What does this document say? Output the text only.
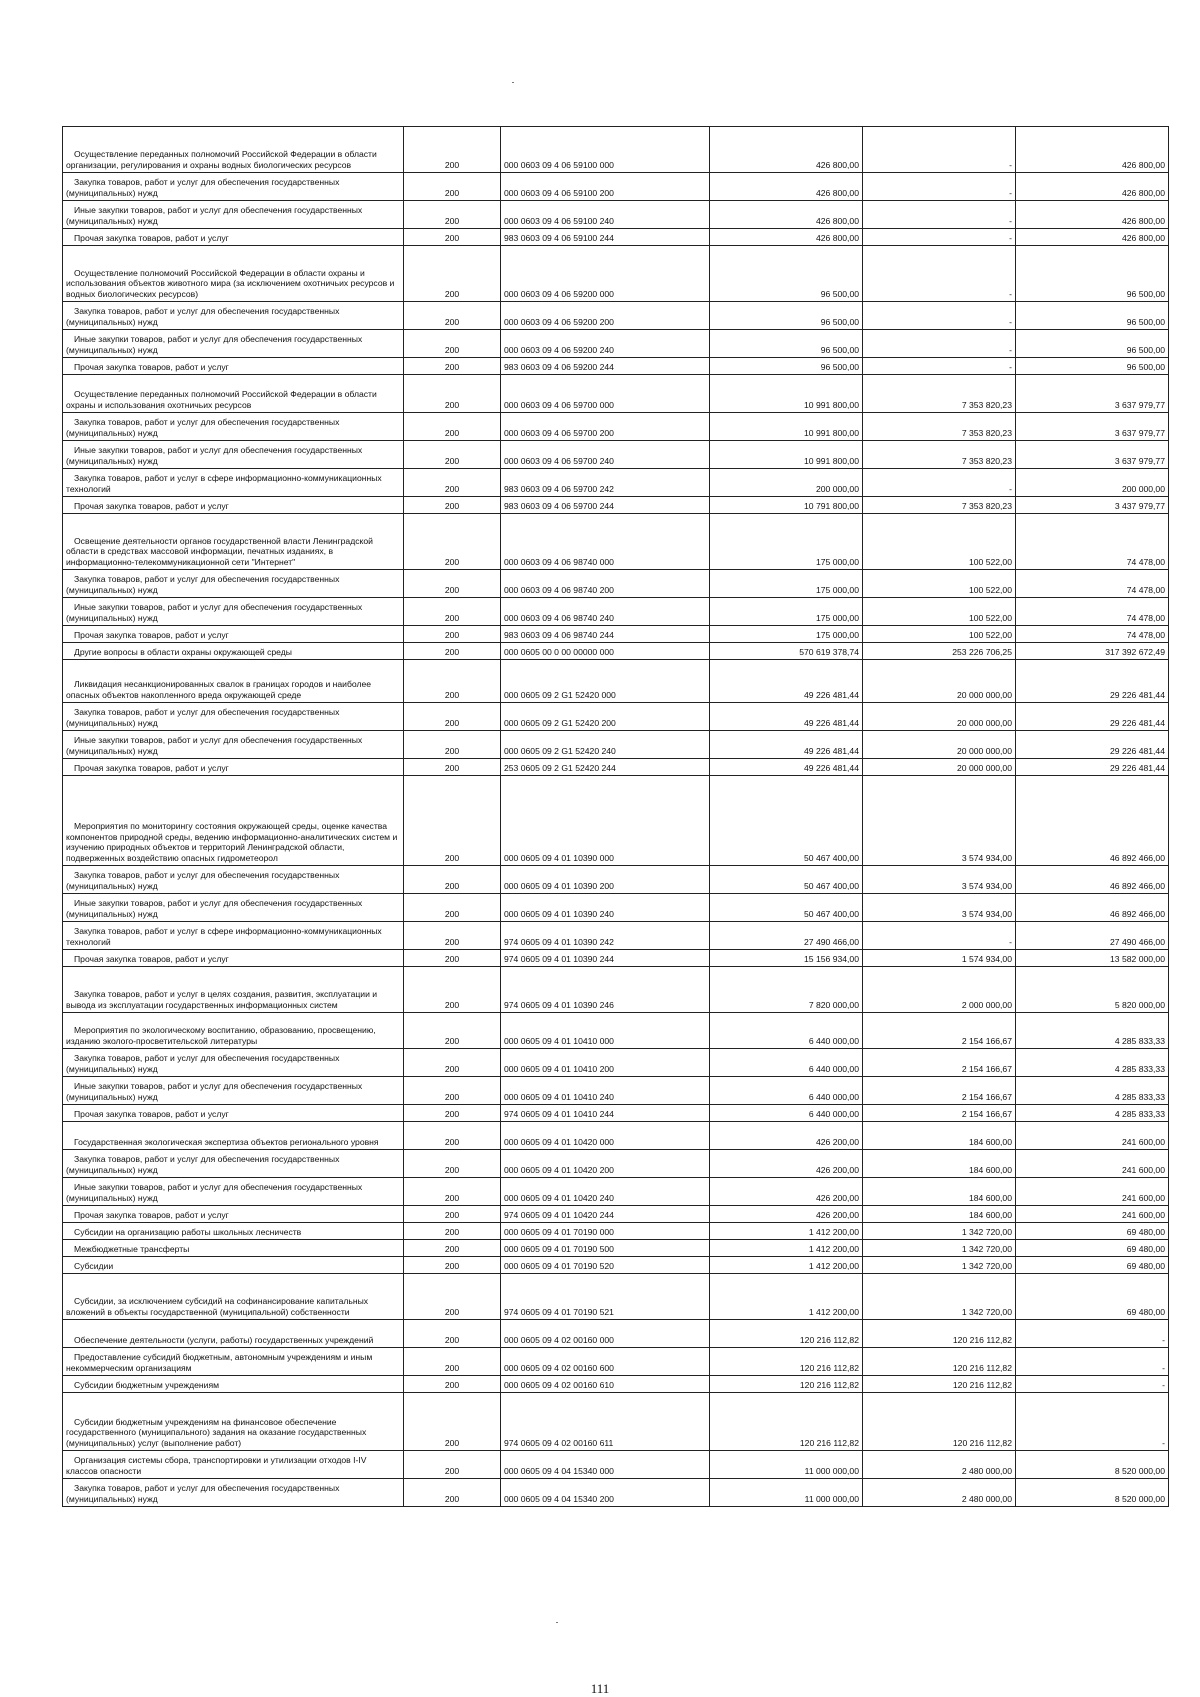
Осуществление переданных полномочий Российской Федерации в области организации, регулирования и охраны водных биологических ресурсов	200	000 0603 09 4 06 59100 000	426 800,00	-	426 800,00

Закупка товаров, работ и услуг для обеспечения государственных (муниципальных) нужд	200	000 0603 09 4 06 59100 200	426 800,00	-	426 800,00

Иные закупки товаров, работ и услуг для обеспечения государственных (муниципальных) нужд	200	000 0603 09 4 06 59100 240	426 800,00	-	426 800,00

Прочая закупка товаров, работ и услуг	200	983 0603 09 4 06 59100 244	426 800,00	-	426 800,00

Осуществление полномочий Российской Федерации в области охраны и использования объектов животного мира (за исключением охотничьих ресурсов и водных биологических ресурсов)	200	000 0603 09 4 06 59200 000	96 500,00	-	96 500,00

Закупка товаров, работ и услуг для обеспечения государственных (муниципальных) нужд	200	000 0603 09 4 06 59200 200	96 500,00	-	96 500,00

Иные закупки товаров, работ и услуг для обеспечения государственных (муниципальных) нужд	200	000 0603 09 4 06 59200 240	96 500,00	-	96 500,00

Прочая закупка товаров, работ и услуг	200	983 0603 09 4 06 59200 244	96 500,00	-	96 500,00

Осуществление переданных полномочий Российской Федерации в области охраны и использования охотничьих ресурсов	200	000 0603 09 4 06 59700 000	10 991 800,00	7 353 820,23	3 637 979,77

Закупка товаров, работ и услуг для обеспечения государственных (муниципальных) нужд	200	000 0603 09 4 06 59700 200	10 991 800,00	7 353 820,23	3 637 979,77

Иные закупки товаров, работ и услуг для обеспечения государственных (муниципальных) нужд	200	000 0603 09 4 06 59700 240	10 991 800,00	7 353 820,23	3 637 979,77

Закупка товаров, работ и услуг в сфере информационно-коммуникационных технологий	200	983 0603 09 4 06 59700 242	200 000,00	-	200 000,00

Прочая закупка товаров, работ и услуг	200	983 0603 09 4 06 59700 244	10 791 800,00	7 353 820,23	3 437 979,77

Освещение деятельности органов государственной власти Ленинградской области в средствах массовой информации, печатных изданиях, в информационно-телекоммуникационной сети "Интернет"	200	000 0603 09 4 06 98740 000	175 000,00	100 522,00	74 478,00

Закупка товаров, работ и услуг для обеспечения государственных (муниципальных) нужд	200	000 0603 09 4 06 98740 200	175 000,00	100 522,00	74 478,00

Иные закупки товаров, работ и услуг для обеспечения государственных (муниципальных) нужд	200	000 0603 09 4 06 98740 240	175 000,00	100 522,00	74 478,00

Прочая закупка товаров, работ и услуг	200	983 0603 09 4 06 98740 244	175 000,00	100 522,00	74 478,00

Другие вопросы в области охраны окружающей среды	200	000 0605 00 0 00 00000 000	570 619 378,74	253 226 706,25	317 392 672,49

Ликвидация несанкционированных свалок в границах городов и наиболее опасных объектов накопленного вреда окружающей среде	200	000 0605 09 2 G1 52420 000	49 226 481,44	20 000 000,00	29 226 481,44

Закупка товаров, работ и услуг для обеспечения государственных (муниципальных) нужд	200	000 0605 09 2 G1 52420 200	49 226 481,44	20 000 000,00	29 226 481,44

Иные закупки товаров, работ и услуг для обеспечения государственных (муниципальных) нужд	200	000 0605 09 2 G1 52420 240	49 226 481,44	20 000 000,00	29 226 481,44

Прочая закупка товаров, работ и услуг	200	253 0605 09 2 G1 52420 244	49 226 481,44	20 000 000,00	29 226 481,44

Мероприятия по мониторингу состояния окружающей среды, оценке качества компонентов природной среды, ведению информационно-аналитических систем и изучению природных объектов и территорий Ленинградской области, подверженных воздействию опасных гидрометеорол	200	000 0605 09 4 01 10390 000	50 467 400,00	3 574 934,00	46 892 466,00

Закупка товаров, работ и услуг для обеспечения государственных (муниципальных) нужд	200	000 0605 09 4 01 10390 200	50 467 400,00	3 574 934,00	46 892 466,00

Иные закупки товаров, работ и услуг для обеспечения государственных (муниципальных) нужд	200	000 0605 09 4 01 10390 240	50 467 400,00	3 574 934,00	46 892 466,00

Закупка товаров, работ и услуг в сфере информационно-коммуникационных технологий	200	974 0605 09 4 01 10390 242	27 490 466,00	-	27 490 466,00

Прочая закупка товаров, работ и услуг	200	974 0605 09 4 01 10390 244	15 156 934,00	1 574 934,00	13 582 000,00

Закупка товаров, работ и услуг в целях создания, развития, эксплуатации и вывода из эксплуатации государственных информационных систем	200	974 0605 09 4 01 10390 246	7 820 000,00	2 000 000,00	5 820 000,00

Мероприятия по экологическому воспитанию, образованию, просвещению, изданию эколого-просветительской литературы	200	000 0605 09 4 01 10410 000	6 440 000,00	2 154 166,67	4 285 833,33

Закупка товаров, работ и услуг для обеспечения государственных (муниципальных) нужд	200	000 0605 09 4 01 10410 200	6 440 000,00	2 154 166,67	4 285 833,33

Иные закупки товаров, работ и услуг для обеспечения государственных (муниципальных) нужд	200	000 0605 09 4 01 10410 240	6 440 000,00	2 154 166,67	4 285 833,33

Прочая закупка товаров, работ и услуг	200	974 0605 09 4 01 10410 244	6 440 000,00	2 154 166,67	4 285 833,33

Государственная экологическая экспертиза объектов регионального уровня	200	000 0605 09 4 01 10420 000	426 200,00	184 600,00	241 600,00

Закупка товаров, работ и услуг для обеспечения государственных (муниципальных) нужд	200	000 0605 09 4 01 10420 200	426 200,00	184 600,00	241 600,00

Иные закупки товаров, работ и услуг для обеспечения государственных (муниципальных) нужд	200	000 0605 09 4 01 10420 240	426 200,00	184 600,00	241 600,00

Прочая закупка товаров, работ и услуг	200	974 0605 09 4 01 10420 244	426 200,00	184 600,00	241 600,00

Субсидии на организацию работы школьных лесничеств	200	000 0605 09 4 01 70190 000	1 412 200,00	1 342 720,00	69 480,00

Межбюджетные трансферты	200	000 0605 09 4 01 70190 500	1 412 200,00	1 342 720,00	69 480,00

Субсидии	200	000 0605 09 4 01 70190 520	1 412 200,00	1 342 720,00	69 480,00

Субсидии, за исключением субсидий на софинансирование капитальных вложений в объекты государственной (муниципальной) собственности	200	974 0605 09 4 01 70190 521	1 412 200,00	1 342 720,00	69 480,00

Обеспечение деятельности (услуги, работы) государственных учреждений	200	000 0605 09 4 02 00160 000	120 216 112,82	120 216 112,82	-

Предоставление субсидий бюджетным, автономным учреждениям и иным некоммерческим организациям	200	000 0605 09 4 02 00160 600	120 216 112,82	120 216 112,82	-

Субсидии бюджетным учреждениям	200	000 0605 09 4 02 00160 610	120 216 112,82	120 216 112,82	-

Субсидии бюджетным учреждениям на финансовое обеспечение государственного (муниципального) задания на оказание государственных (муниципальных) услуг (выполнение работ)	200	974 0605 09 4 02 00160 611	120 216 112,82	120 216 112,82	-

Организация системы сбора, транспортировки и утилизации отходов I-IV классов опасности	200	000 0605 09 4 04 15340 000	11 000 000,00	2 480 000,00	8 520 000,00

Закупка товаров, работ и услуг для обеспечения государственных (муниципальных) нужд	200	000 0605 09 4 04 15340 200	11 000 000,00	2 480 000,00	8 520 000,00
111
